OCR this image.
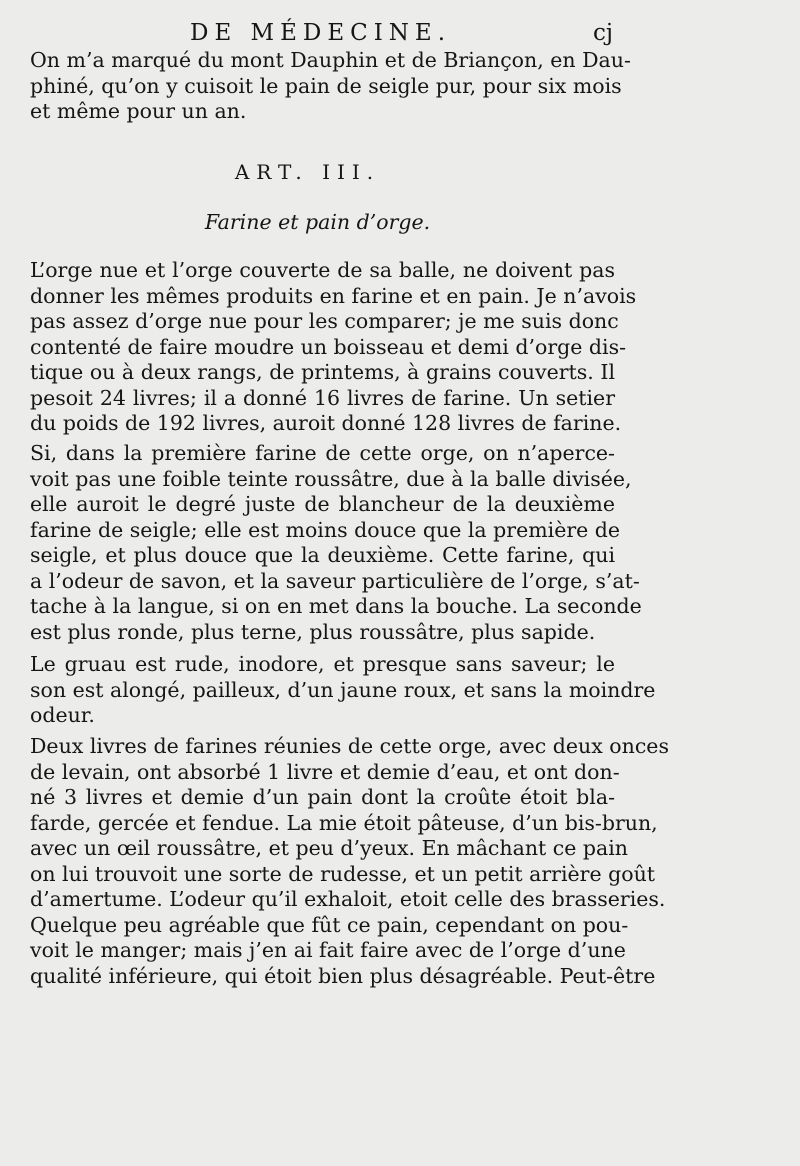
DE MÉDECINE.	cj
On m’a marqué du mont Dauphin et de Briançon, en Dau-
phiné, qu’on y cuisoit le pain de seigle pur, pour six mois
et même pour un an.
ART. III.
Farine et pain d’orge.
L’orge nue et l’orge couverte de sa balle, ne doivent pas
donner les mêmes produits en farine et en pain. Je n’avois
pas assez d’orge nue pour les comparer; je me suis donc
contenté de faire moudre un boisseau et demi d’orge dis-
tique ou à deux rangs, de printems, à grains couverts. Il
pesoit 24 livres; il a donné 16 livres de farine. Un setier
du poids de 192 livres, auroit donné 128 livres de farine.
Si, dans la première farine de cette orge, on n’aperce-
voit pas une foible teinte roussâtre, due à la balle divisée,
elle auroit le degré juste de blancheur de la deuxième
farine de seigle; elle est moins douce que la première de
seigle, et plus douce que la deuxième. Cette farine, qui
a l’odeur de savon, et la saveur particulière de l’orge, s’at-
tache à la langue, si on en met dans la bouche. La seconde
est plus ronde, plus terne, plus roussâtre, plus sapide.
Le gruau est rude, inodore, et presque sans saveur; le
son est alongé, pailleux, d’un jaune roux, et sans la moindre
odeur.
Deux livres de farines réunies de cette orge, avec deux onces
de levain, ont absorbé 1 livre et demie d’eau, et ont don-
né 3 livres et demie d’un pain dont la croûte étoit bla-
farde, gercée et fendue. La mie étoit pâteuse, d’un bis-brun,
avec un œil roussâtre, et peu d’yeux. En mâchant ce pain
on lui trouvoit une sorte de rudesse, et un petit arrière goût
d’amertume. L’odeur qu’il exhaloit, etoit celle des brasseries.
Quelque peu agréable que fût ce pain, cependant on pou-
voit le manger; mais j’en ai fait faire avec de l’orge d’une
qualité inférieure, qui étoit bien plus désagréable. Peut-être
